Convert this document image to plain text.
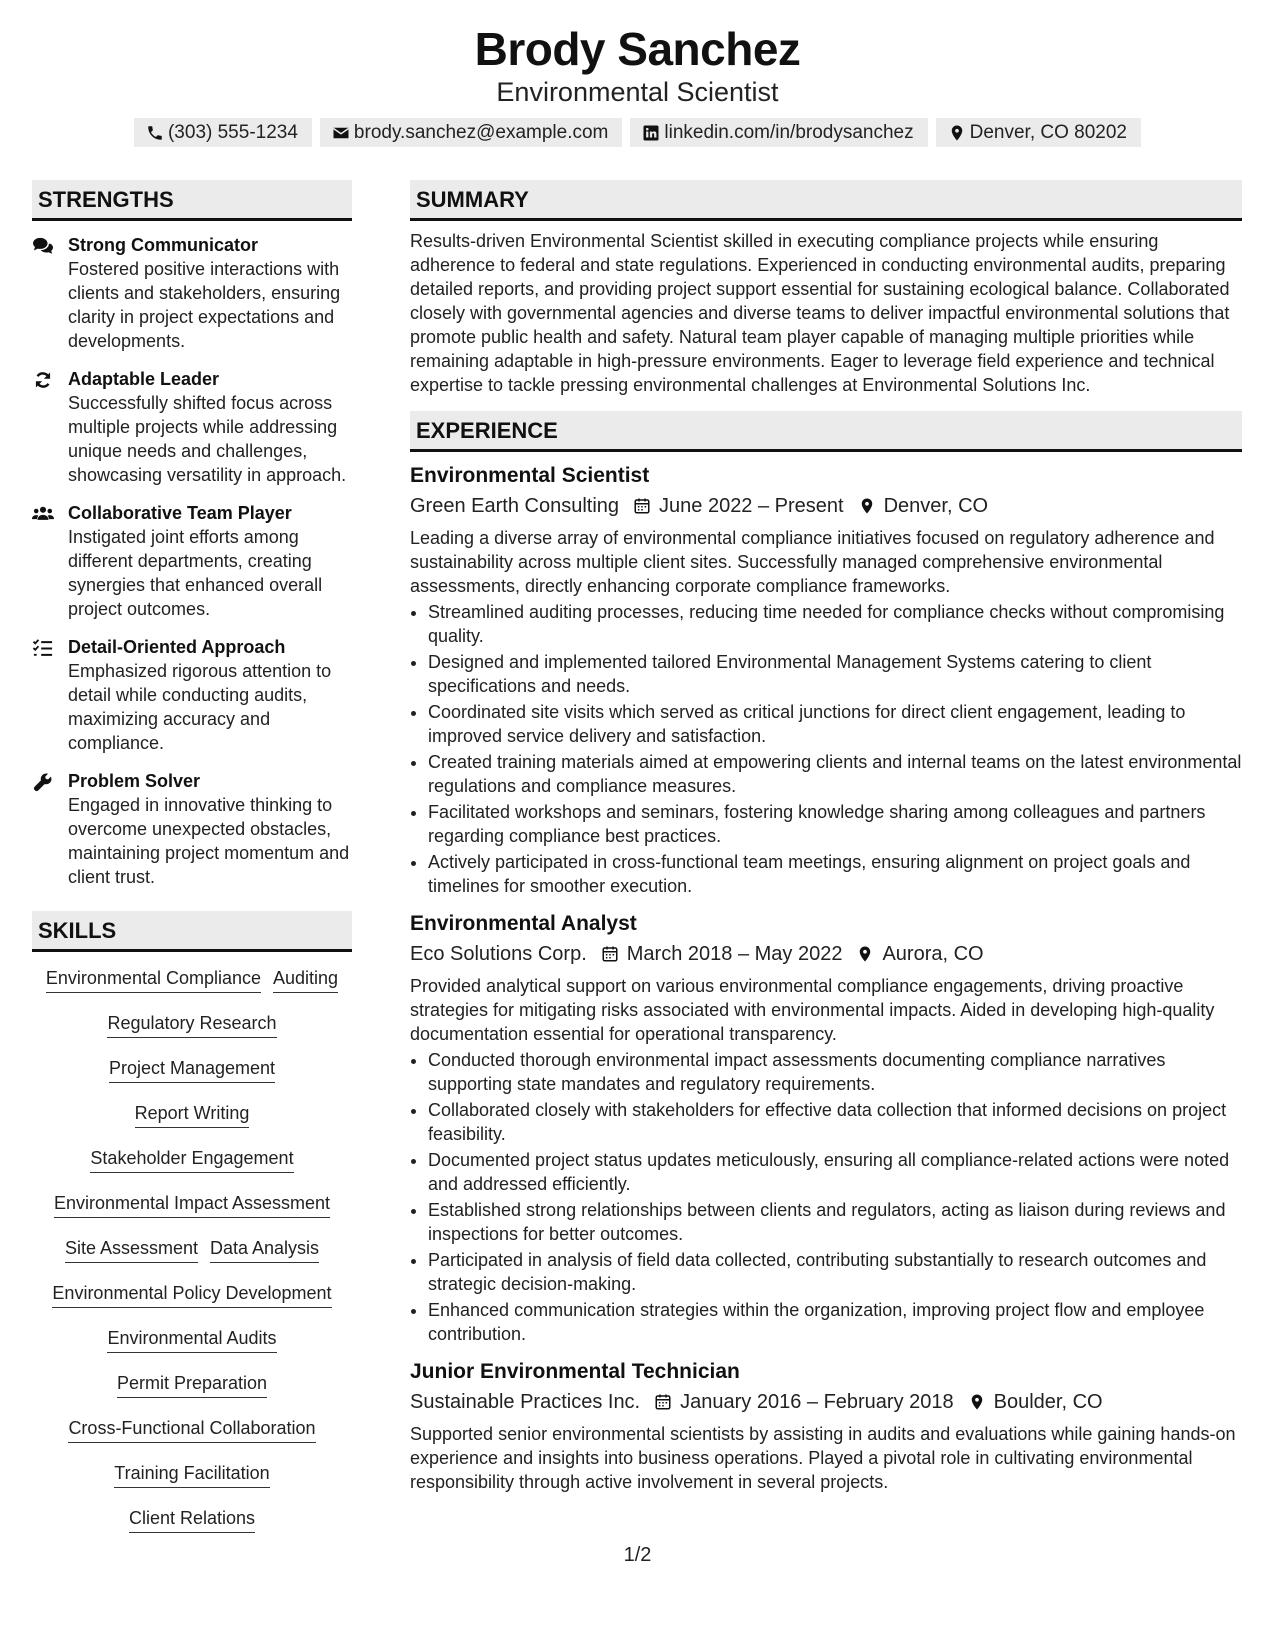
Brody Sanchez
Environmental Scientist
(303) 555-1234	brody.sanchez@example.com	linkedin.com/in/brodysanchez	Denver, CO 80202
STRENGTHS
Strong Communicator
Fostered positive interactions with clients and stakeholders, ensuring clarity in project expectations and developments.
Adaptable Leader
Successfully shifted focus across multiple projects while addressing unique needs and challenges, showcasing versatility in approach.
Collaborative Team Player
Instigated joint efforts among different departments, creating synergies that enhanced overall project outcomes.
Detail-Oriented Approach
Emphasized rigorous attention to detail while conducting audits, maximizing accuracy and compliance.
Problem Solver
Engaged in innovative thinking to overcome unexpected obstacles, maintaining project momentum and client trust.
SKILLS
Environmental Compliance Auditing Regulatory Research
Project Management
Report Writing
Stakeholder Engagement
Environmental Impact Assessment
Site Assessment Data Analysis
Environmental Policy Development
Environmental Audits
Permit Preparation
Cross-Functional Collaboration
Training Facilitation
Client Relations
SUMMARY
Results-driven Environmental Scientist skilled in executing compliance projects while ensuring adherence to federal and state regulations. Experienced in conducting environmental audits, preparing detailed reports, and providing project support essential for sustaining ecological balance. Collaborated closely with governmental agencies and diverse teams to deliver impactful environmental solutions that promote public health and safety. Natural team player capable of managing multiple priorities while remaining adaptable in high-pressure environments. Eager to leverage field experience and technical expertise to tackle pressing environmental challenges at Environmental Solutions Inc.
EXPERIENCE
Environmental Scientist
Green Earth Consulting June 2022 – Present Denver, CO
Leading a diverse array of environmental compliance initiatives focused on regulatory adherence and sustainability across multiple client sites. Successfully managed comprehensive environmental assessments, directly enhancing corporate compliance frameworks.
• Streamlined auditing processes, reducing time needed for compliance checks without compromising quality.
• Designed and implemented tailored Environmental Management Systems catering to client specifications and needs.
• Coordinated site visits which served as critical junctions for direct client engagement, leading to improved service delivery and satisfaction.
• Created training materials aimed at empowering clients and internal teams on the latest environmental regulations and compliance measures.
• Facilitated workshops and seminars, fostering knowledge sharing among colleagues and partners regarding compliance best practices.
• Actively participated in cross-functional team meetings, ensuring alignment on project goals and timelines for smoother execution.
Environmental Analyst
Eco Solutions Corp. March 2018 – May 2022 Aurora, CO
Provided analytical support on various environmental compliance engagements, driving proactive strategies for mitigating risks associated with environmental impacts. Aided in developing high-quality documentation essential for operational transparency.
• Conducted thorough environmental impact assessments documenting compliance narratives supporting state mandates and regulatory requirements.
• Collaborated closely with stakeholders for effective data collection that informed decisions on project feasibility.
• Documented project status updates meticulously, ensuring all compliance-related actions were noted and addressed efficiently.
• Established strong relationships between clients and regulators, acting as liaison during reviews and inspections for better outcomes.
• Participated in analysis of field data collected, contributing substantially to research outcomes and strategic decision-making.
• Enhanced communication strategies within the organization, improving project flow and employee contribution.
Junior Environmental Technician
Sustainable Practices Inc. January 2016 – February 2018 Boulder, CO
Supported senior environmental scientists by assisting in audits and evaluations while gaining hands-on experience and insights into business operations. Played a pivotal role in cultivating environmental responsibility through active involvement in several projects.
1/2
